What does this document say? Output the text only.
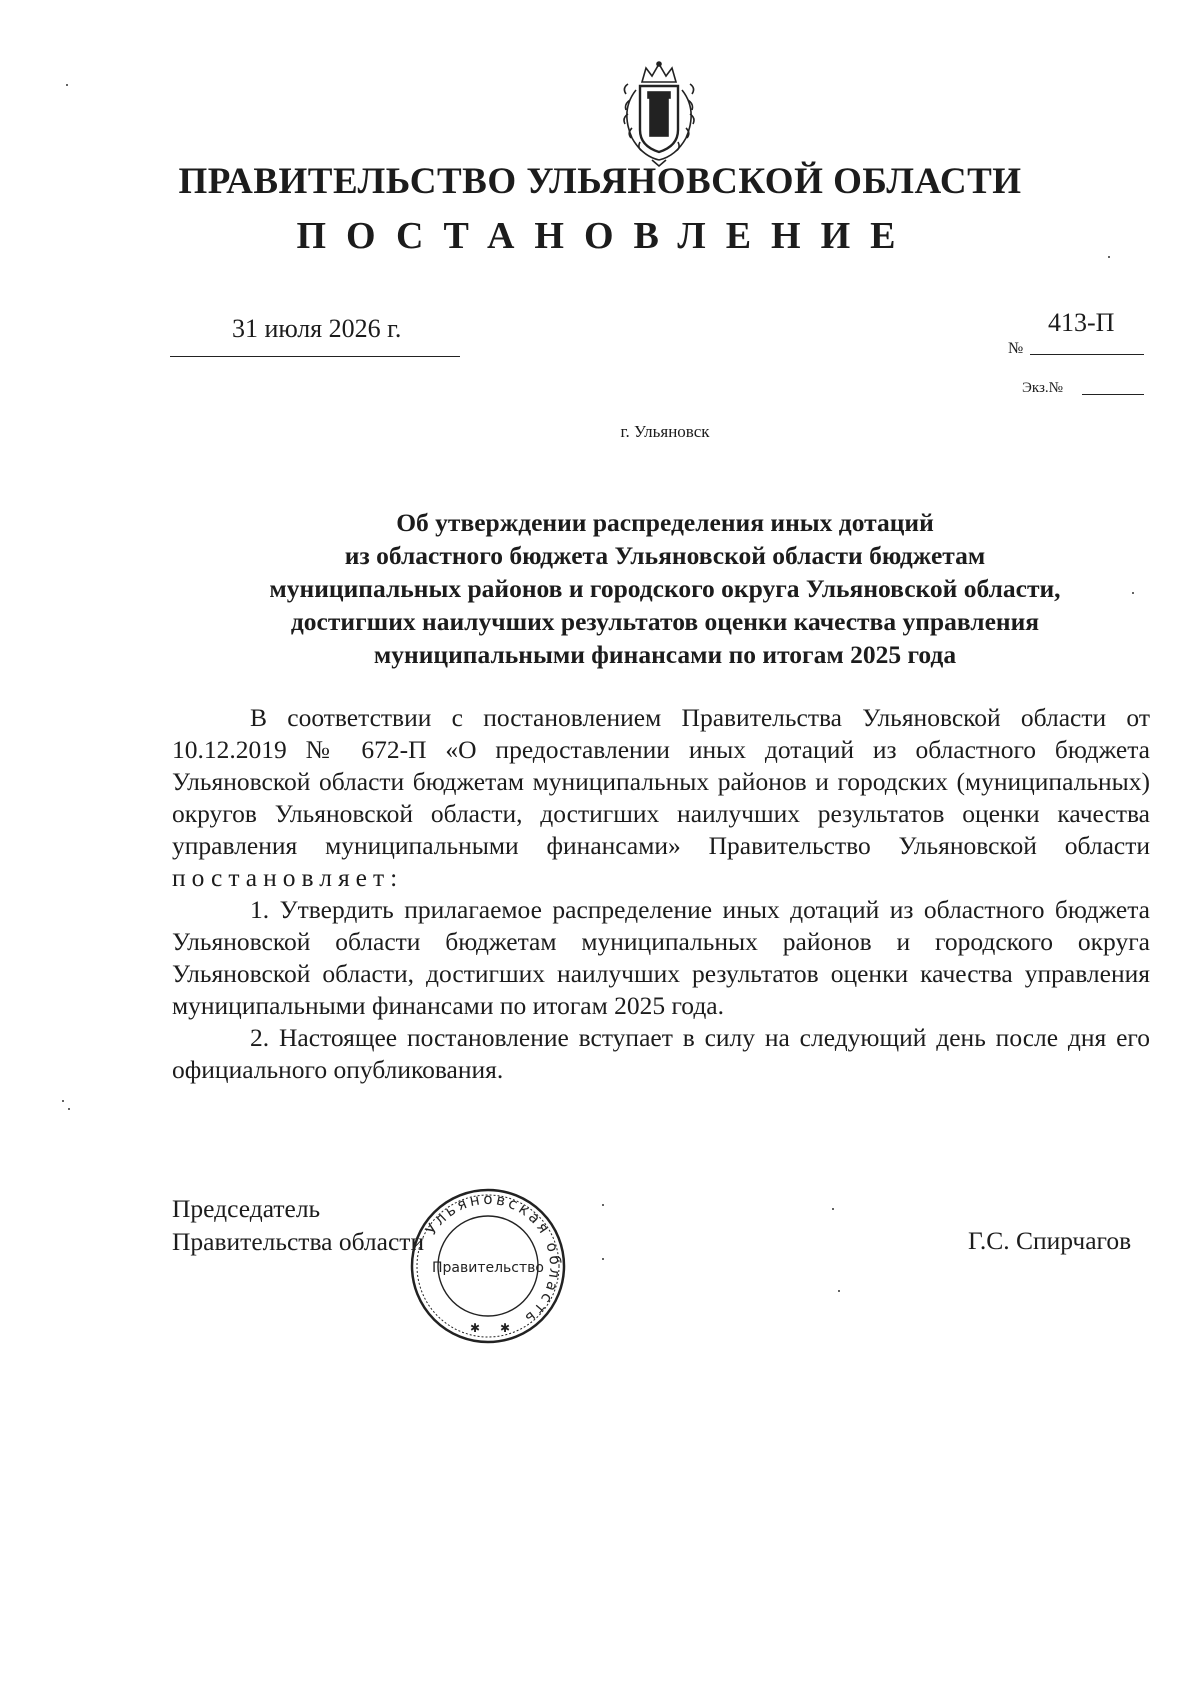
ПРАВИТЕЛЬСТВО УЛЬЯНОВСКОЙ ОБЛАСТИ
ПОСТАНОВЛЕНИЕ
31 июля 2026 г.	413-П
№
Экз.№
г. Ульяновск
Об утверждении распределения иных дотаций
из областного бюджета Ульяновской области бюджетам
муниципальных районов и городского округа Ульяновской области,
достигших наилучших результатов оценки качества управления
муниципальными финансами по итогам 2025 года

В соответствии с постановлением Правительства Ульяновской области от 10.12.2019 № 672-П «О предоставлении иных дотаций из областного бюджета Ульяновской области бюджетам муниципальных районов и городских (муниципальных) округов Ульяновской области, достигших наилучших результатов оценки качества управления муниципальными финансами» Правительство Ульяновской области постановляет:

1. Утвердить прилагаемое распределение иных дотаций из областного бюджета Ульяновской области бюджетам муниципальных районов и городского округа Ульяновской области, достигших наилучших результатов оценки качества управления муниципальными финансами по итогам 2025 года.

2. Настоящее постановление вступает в силу на следующий день после дня его официального опубликования.

Председатель
Правительства области	Г.С. Спирчагов
Ульяновская область
Правительство
✱ ✱
